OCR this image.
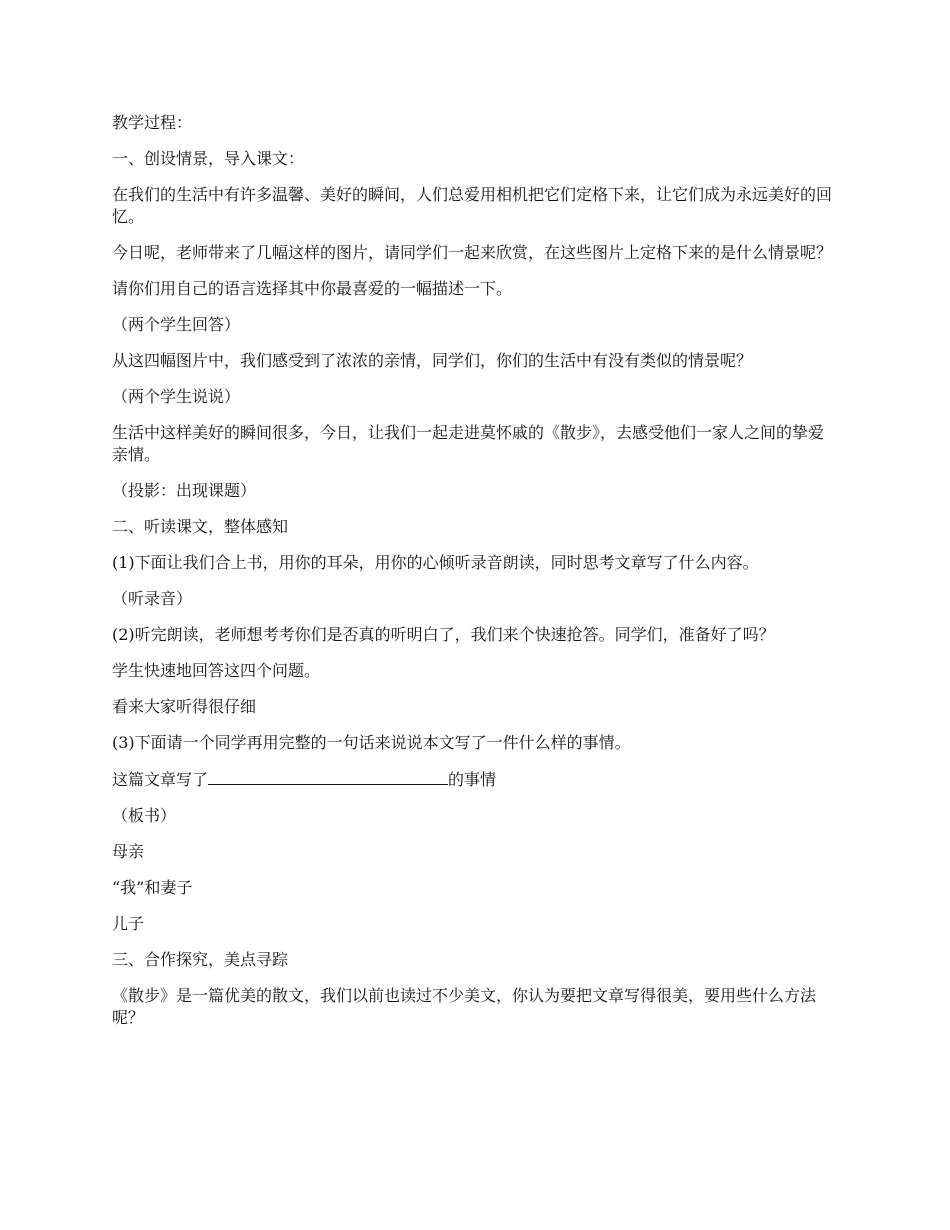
教学过程：

一、创设情景，导入课文：

在我们的生活中有许多温馨、美好的瞬间，人们总爱用相机把它们定格下来，让它们成为永远美好的回忆。

今日呢，老师带来了几幅这样的图片，请同学们一起来欣赏，在这些图片上定格下来的是什么情景呢？

请你们用自己的语言选择其中你最喜爱的一幅描述一下。

（两个学生回答）

从这四幅图片中，我们感受到了浓浓的亲情，同学们，你们的生活中有没有类似的情景呢？

（两个学生说说）

生活中这样美好的瞬间很多，今日，让我们一起走进莫怀戚的《散步》，去感受他们一家人之间的挚爱亲情。

（投影：出现课题）

二、听读课文，整体感知

(1)下面让我们合上书，用你的耳朵，用你的心倾听录音朗读，同时思考文章写了什么内容。

（听录音）

(2)听完朗读，老师想考考你们是否真的听明白了，我们来个快速抢答。同学们，准备好了吗？

学生快速地回答这四个问题。

看来大家听得很仔细

(3)下面请一个同学再用完整的一句话来说说本文写了一件什么样的事情。

这篇文章写了	的事情

（板书）

母亲

“我”和妻子

儿子

三、合作探究，美点寻踪

《散步》是一篇优美的散文，我们以前也读过不少美文，你认为要把文章写得很美，要用些什么方法呢？
